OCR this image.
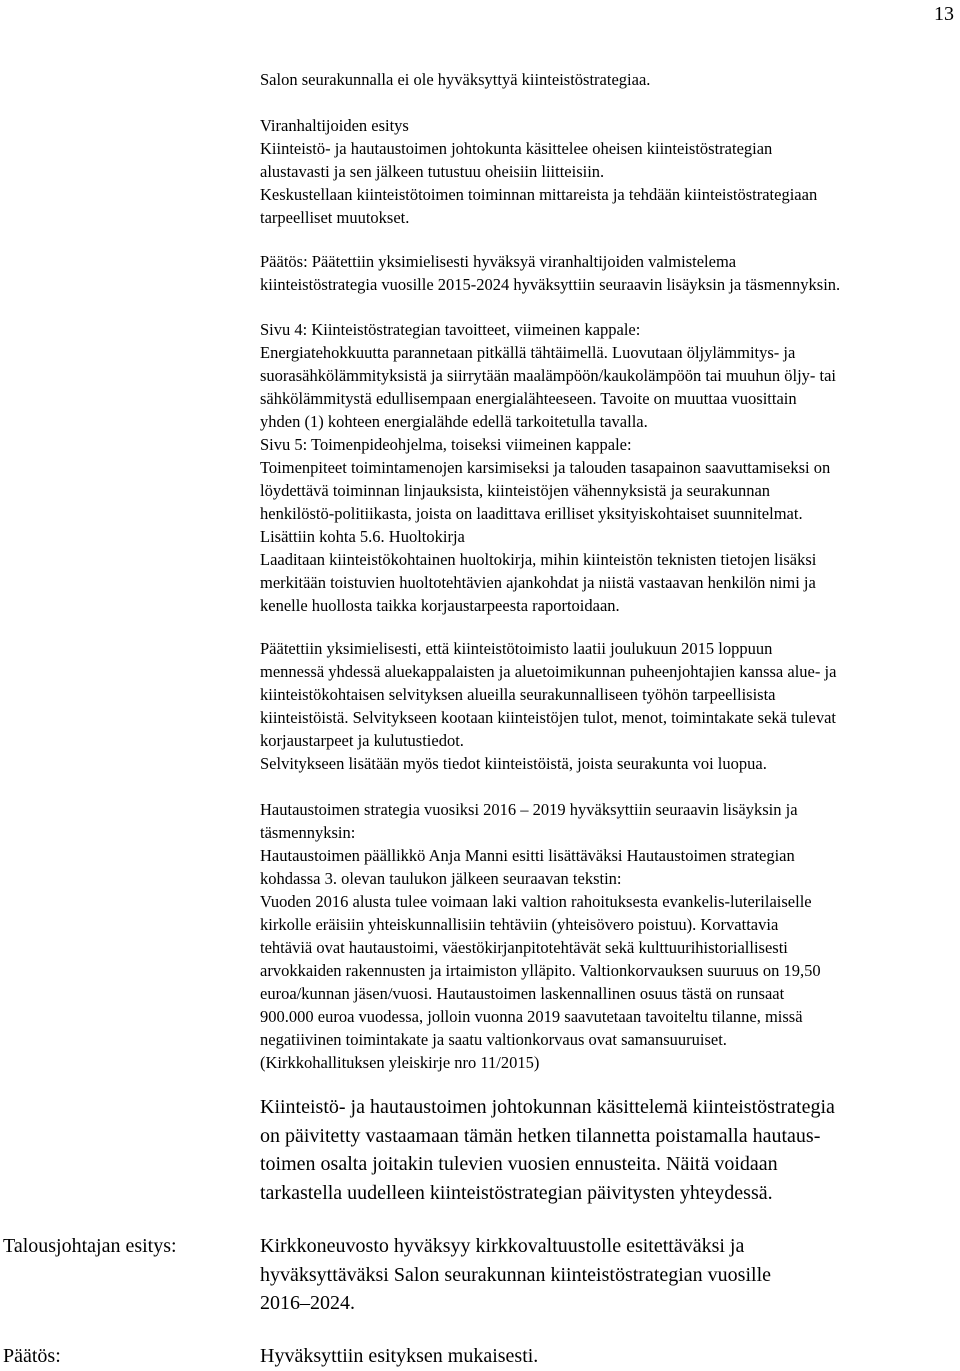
13

Salon seurakunnalla ei ole hyväksyttyä kiinteistöstrategiaa.

Viranhaltijoiden esitys
Kiinteistö- ja hautaustoimen johtokunta käsittelee oheisen kiinteistöstrategian
alustavasti ja sen jälkeen tutustuu oheisiin liitteisiin.
Keskustellaan kiinteistötoimen toiminnan mittareista ja tehdään kiinteistöstrategiaan
tarpeelliset muutokset.

Päätös: Päätettiin yksimielisesti hyväksyä viranhaltijoiden valmistelema
kiinteistöstrategia vuosille 2015-2024 hyväksyttiin seuraavin lisäyksin ja täsmennyksin.

Sivu 4: Kiinteistöstrategian tavoitteet, viimeinen kappale:
Energiatehokkuutta parannetaan pitkällä tähtäimellä. Luovutaan öljylämmitys- ja
suorasähkölämmityksistä ja siirrytään maalämpöön/kaukolämpöön tai muuhun öljy- tai
sähkölämmitystä edullisempaan energialähteeseen. Tavoite on muuttaa vuosittain
yhden (1) kohteen energialähde edellä tarkoitetulla tavalla.
Sivu 5: Toimenpideohjelma, toiseksi viimeinen kappale:
Toimenpiteet toimintamenojen karsimiseksi ja talouden tasapainon saavuttamiseksi on
löydettävä toiminnan linjauksista, kiinteistöjen vähennyksistä ja seurakunnan
henkilöstö-politiikasta, joista on laadittava erilliset yksityiskohtaiset suunnitelmat.
Lisättiin kohta 5.6. Huoltokirja
Laaditaan kiinteistökohtainen huoltokirja, mihin kiinteistön teknisten tietojen lisäksi
merkitään toistuvien huoltotehtävien ajankohdat ja niistä vastaavan henkilön nimi ja
kenelle huollosta taikka korjaustarpeesta raportoidaan.

Päätettiin yksimielisesti, että kiinteistötoimisto laatii joulukuun 2015 loppuun
mennessä yhdessä aluekappalaisten ja aluetoimikunnan puheenjohtajien kanssa alue- ja
kiinteistökohtaisen selvityksen alueilla seurakunnalliseen työhön tarpeellisista
kiinteistöistä. Selvitykseen kootaan kiinteistöjen tulot, menot, toimintakate sekä tulevat
korjaustarpeet ja kulutustiedot.
Selvitykseen lisätään myös tiedot kiinteistöistä, joista seurakunta voi luopua.

Hautaustoimen strategia vuosiksi 2016 – 2019 hyväksyttiin seuraavin lisäyksin ja
täsmennyksin:
Hautaustoimen päällikkö Anja Manni esitti lisättäväksi Hautaustoimen strategian
kohdassa 3. olevan taulukon jälkeen seuraavan tekstin:
Vuoden 2016 alusta tulee voimaan laki valtion rahoituksesta evankelis-luterilaiselle
kirkolle eräisiin yhteiskunnallisiin tehtäviin (yhteisövero poistuu). Korvattavia
tehtäviä ovat hautaustoimi, väestökirjanpitotehtävät sekä kulttuurihistoriallisesti
arvokkaiden rakennusten ja irtaimiston ylläpito. Valtionkorvauksen suuruus on 19,50
euroa/kunnan jäsen/vuosi. Hautaustoimen laskennallinen osuus tästä on runsaat
900.000 euroa vuodessa, jolloin vuonna 2019 saavutetaan tavoiteltu tilanne, missä
negatiivinen toimintakate ja saatu valtionkorvaus ovat samansuuruiset.
(Kirkkohallituksen yleiskirje nro 11/2015)

Kiinteistö- ja hautaustoimen johtokunnan käsittelemä kiinteistöstrategia
on päivitetty vastaamaan tämän hetken tilannetta poistamalla hautaus-
toimen osalta joitakin tulevien vuosien ennusteita. Näitä voidaan
tarkastella uudelleen kiinteistöstrategian päivitysten yhteydessä.
Talousjohtajan esitys:	Kirkkoneuvosto hyväksyy kirkkovaltuustolle esitettäväksi ja
hyväksyttäväksi Salon seurakunnan kiinteistöstrategian vuosille
2016–2024.
Päätös:	Hyväksyttiin esityksen mukaisesti.
